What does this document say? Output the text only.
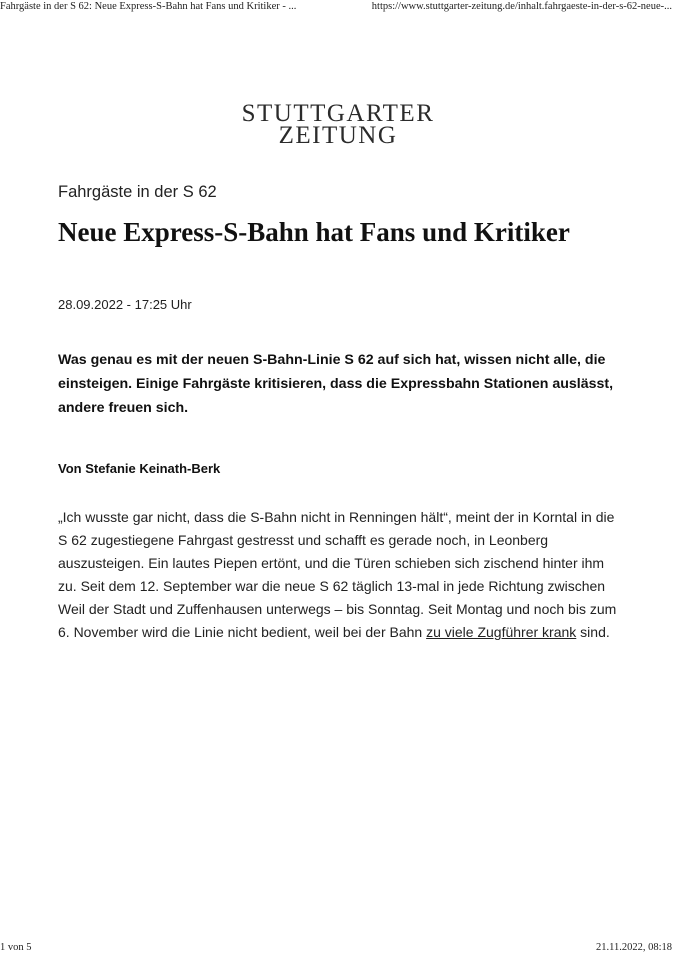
Fahrgäste in der S 62: Neue Express-S-Bahn hat Fans und Kritiker - ...	https://www.stuttgarter-zeitung.de/inhalt.fahrgaeste-in-der-s-62-neue-...
STUTTGARTER
ZEITUNG
Fahrgäste in der S 62
Neue Express-S-Bahn hat Fans und Kritiker
28.09.2022 - 17:25 Uhr

Was genau es mit der neuen S-Bahn-Linie S 62 auf sich hat, wissen nicht alle, die einsteigen. Einige Fahrgäste kritisieren, dass die Expressbahn Stationen auslässt, andere freuen sich.

Von Stefanie Keinath-Berk

„Ich wusste gar nicht, dass die S-Bahn nicht in Renningen hält“, meint der in Korntal in die S 62 zugestiegene Fahrgast gestresst und schafft es gerade noch, in Leonberg auszusteigen. Ein lautes Piepen ertönt, und die Türen schieben sich zischend hinter ihm zu. Seit dem 12. September war die neue S 62 täglich 13-mal in jede Richtung zwischen Weil der Stadt und Zuffenhausen unterwegs – bis Sonntag. Seit Montag und noch bis zum 6. November wird die Linie nicht bedient, weil bei der Bahn zu viele Zugführer krank sind.

1 von 5	21.11.2022, 08:18
